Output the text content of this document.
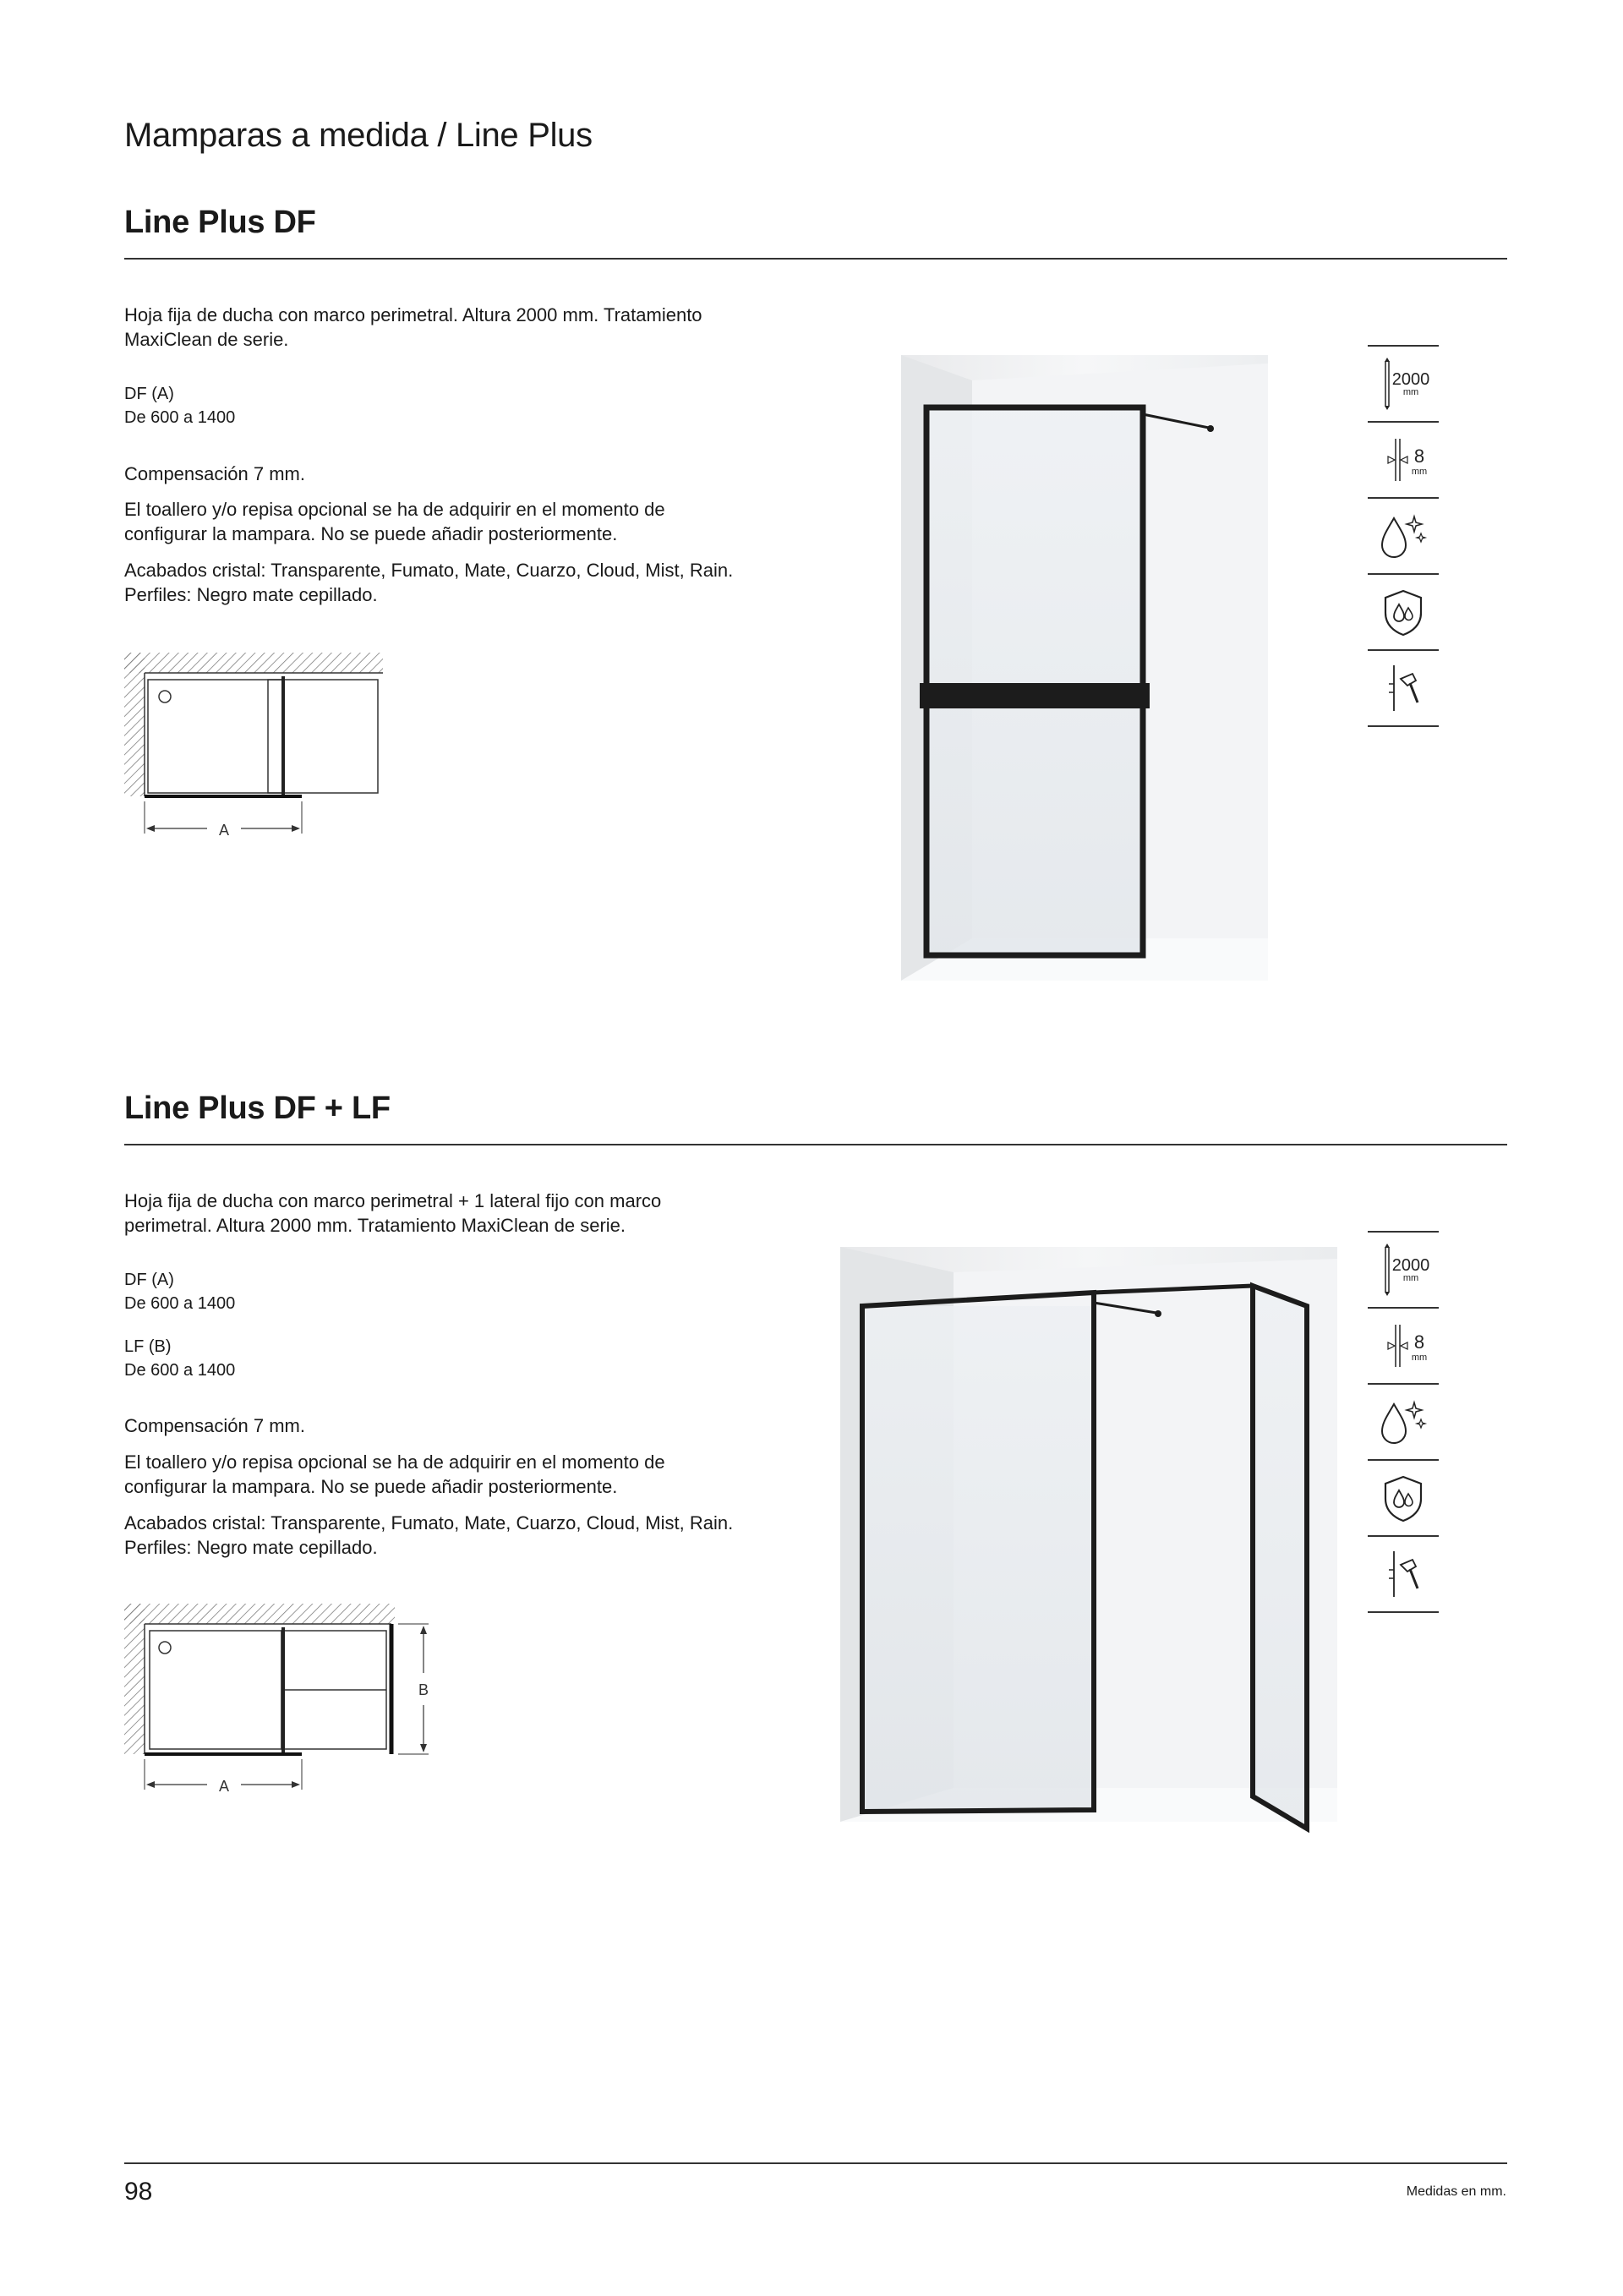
Mamparas a medida / Line Plus
Line Plus DF
Hoja fija de ducha con marco perimetral. Altura 2000 mm. Tratamiento
MaxiClean de serie.
DF (A)
De 600 a 1400
Compensación 7 mm.
El toallero y/o repisa opcional se ha de adquirir en el momento de
configurar la mampara. No se puede añadir posteriormente.
Acabados cristal: Transparente, Fumato, Mate, Cuarzo, Cloud, Mist, Rain.
Perfiles: Negro mate cepillado.
A
2000
mm
8
mm
Line Plus DF + LF
Hoja fija de ducha con marco perimetral + 1 lateral fijo con marco
perimetral. Altura 2000 mm. Tratamiento MaxiClean de serie.
DF (A)
De 600 a 1400
LF (B)
De 600 a 1400
Compensación 7 mm.
El toallero y/o repisa opcional se ha de adquirir en el momento de
configurar la mampara. No se puede añadir posteriormente.
Acabados cristal: Transparente, Fumato, Mate, Cuarzo, Cloud, Mist, Rain.
Perfiles: Negro mate cepillado.
B
A
2000
mm
8
mm
98	Medidas en mm.
